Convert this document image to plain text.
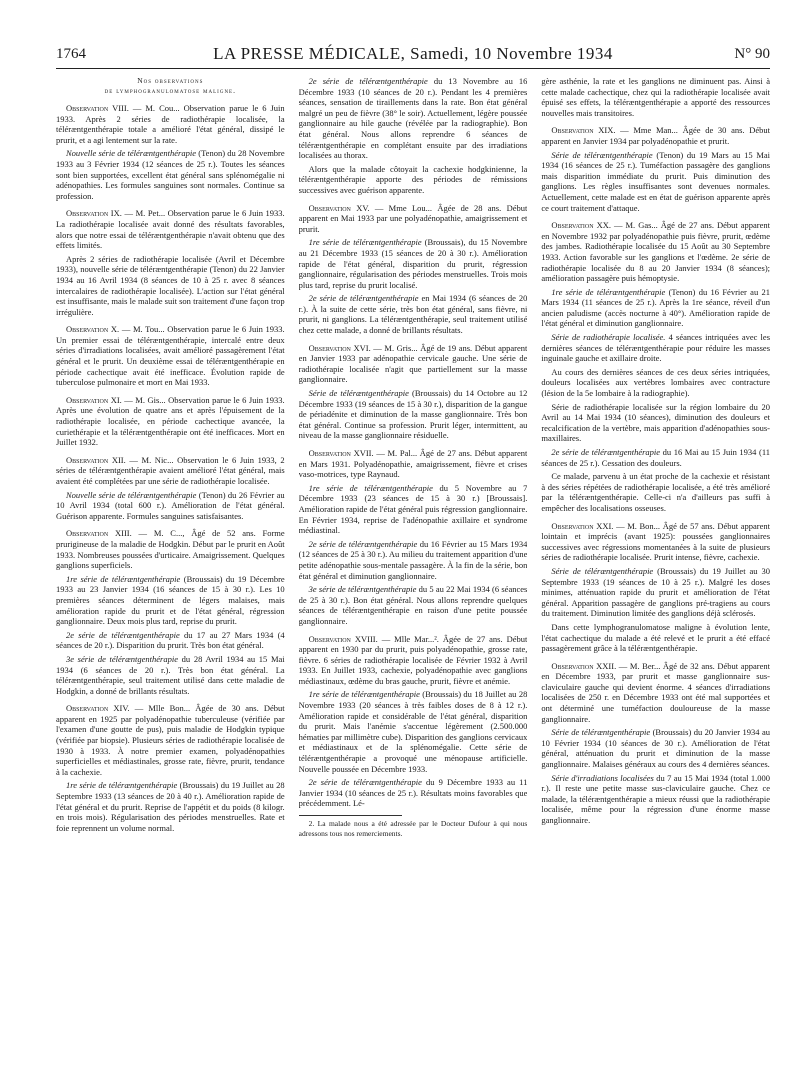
1764	LA PRESSE MÉDICALE, Samedi, 10 Novembre 1934	N° 90
Nos observations
de lymphogranulomatose maligne.

Observation VIII. — M. Cou... Observation parue le 6 Juin 1933. Après 2 séries de radiothérapie localisée, la téléræntgenthérapie totale a amélioré l'état général, dissipé le prurit, et a agi lentement sur la rate.

Nouvelle série de téléræntgenthérapie (Tenon) du 28 Novembre 1933 au 3 Février 1934 (12 séances de 25 r.). Toutes les séances sont bien supportées, excellent état général sans splénomégalie ni adénopathies. Les formules sanguines sont normales. Continue sa profession.

Observation IX. — M. Pet... Observation parue le 6 Juin 1933. La radiothérapie localisée avait donné des résultats favorables, alors que notre essai de téléræntgenthérapie n'avait obtenu que des effets limités.

Après 2 séries de radiothérapie localisée (Avril et Décembre 1933), nouvelle série de téléræntgenthérapie (Tenon) du 22 Janvier 1934 au 16 Avril 1934 (8 séances de 10 à 25 r. avec 8 séances intercalaires de radiothérapie localisée). L'action sur l'état général est insuffisante, mais le malade suit son traitement d'une façon trop irrégulière.

Observation X. — M. Tou... Observation parue le 6 Juin 1933. Un premier essai de téléræntgenthérapie, intercalé entre deux séries d'irradiations localisées, avait amélioré passagèrement l'état général et le prurit. Un deuxième essai de téléræntgenthérapie en période cachectique avait été inefficace. Évolution rapide de tuberculose pulmonaire et mort en Mai 1933.

Observation XI. — M. Gis... Observation parue le 6 Juin 1933. Après une évolution de quatre ans et après l'épuisement de la radiothérapie localisée, en période cachectique avancée, la curiethérapie et la téléræntgenthérapie ont été inefficaces. Mort en Juillet 1932.

Observation XII. — M. Nic... Observation le 6 Juin 1933, 2 séries de téléræntgenthérapie avaient amélioré l'état général, mais avaient été complétées par une série de radiothérapie localisée.

Nouvelle série de téléræntgenthérapie (Tenon) du 26 Février au 10 Avril 1934 (total 600 r.). Amélioration de l'état général. Guérison apparente. Formules sanguines satisfaisantes.

Observation XIII. — M. C..., Âgé de 52 ans. Forme prurigineuse de la maladie de Hodgkin. Début par le prurit en Août 1933. Nombreuses poussées d'urticaire. Amaigrissement. Quelques ganglions superficiels.

1re série de téléræntgenthérapie (Broussais) du 19 Décembre 1933 au 23 Janvier 1934 (16 séances de 15 à 30 r.). Les 10 premières séances déterminent de légers malaises, mais amélioration rapide du prurit et de l'état général, régression ganglionnaire. Deux mois plus tard, reprise du prurit.

2e série de téléræntgenthérapie du 17 au 27 Mars 1934 (4 séances de 20 r.). Disparition du prurit. Très bon état général.

3e série de téléræntgenthérapie du 28 Avril 1934 au 15 Mai 1934 (6 séances de 20 r.). Très bon état général. La téléræntgenthérapie, seul traitement utilisé dans cette maladie de Hodgkin, a donné de brillants résultats.

Observation XIV. — Mlle Bon... Âgée de 30 ans. Début apparent en 1925 par polyadénopathie tuberculeuse (vérifiée par l'examen d'une goutte de pus), puis maladie de Hodgkin typique (vérifiée par biopsie). Plusieurs séries de radiothérapie localisée de 1930 à 1933. À notre premier examen, polyadénopathies superficielles et médiastinales, grosse rate, fièvre, prurit, tendance à la cachexie.

1re série de téléræntgenthérapie (Broussais) du 19 Juillet au 28 Septembre 1933 (13 séances de 20 à 40 r.). Amélioration rapide de l'état général et du prurit. Reprise de l'appétit et du poids (8 kilogr. en trois mois). Régularisation des périodes menstruelles. Rate et foie reprennent un volume normal.

2e série de téléræntgenthérapie du 13 Novembre au 16 Décembre 1933 (10 séances de 20 r.). Pendant les 4 premières séances, sensation de tiraillements dans la rate. Bon état général malgré un peu de fièvre (38° le soir). Actuellement, légère poussée ganglionnaire au hile gauche (révélée par la radiographie). Bon état général. Nous allons reprendre 6 séances de téléræntgenthérapie en complétant ensuite par des irradiations localisées au thorax.

Alors que la malade côtoyait la cachexie hodgkinienne, la téléræntgenthérapie apporte des périodes de rémissions successives avec guérison apparente.

Observation XV. — Mme Lou... Âgée de 28 ans. Début apparent en Mai 1933 par une polyadénopathie, amaigrissement et prurit.

1re série de téléræntgenthérapie (Broussais), du 15 Novembre au 21 Décembre 1933 (15 séances de 20 à 30 r.). Amélioration rapide de l'état général, disparition du prurit, régression ganglionnaire, régularisation des périodes menstruelles. Trois mois plus tard, reprise du prurit localisé.

2e série de téléræntgenthérapie en Mai 1934 (6 séances de 20 r.). À la suite de cette série, très bon état général, sans fièvre, ni prurit, ni ganglions. La téléræntgenthérapie, seul traitement utilisé chez cette malade, a donné de brillants résultats.

Observation XVI. — M. Gris... Âgé de 19 ans. Début apparent en Janvier 1933 par adénopathie cervicale gauche. Une série de radiothérapie localisée n'agit que partiellement sur la masse ganglionnaire.

Série de téléræntgenthérapie (Broussais) du 14 Octobre au 12 Décembre 1933 (19 séances de 15 à 30 r.), disparition de la gangue de périadénite et diminution de la masse ganglionnaire. Très bon état général. Continue sa profession. Prurit léger, intermittent, au niveau de la masse ganglionnaire résiduelle.

Observation XVII. — M. Pal... Âgé de 27 ans. Début apparent en Mars 1931. Polyadénopathie, amaigrissement, fièvre et crises vaso-motrices, type Raynaud.

1re série de téléræntgenthérapie du 5 Novembre au 7 Décembre 1933 (23 séances de 15 à 30 r.) [Broussais]. Amélioration rapide de l'état général puis régression ganglionnaire. En Février 1934, reprise de l'adénopathie axillaire et syndrome médiastinal.

2e série de téléræntgenthérapie du 16 Février au 15 Mars 1934 (12 séances de 25 à 30 r.). Au milieu du traitement apparition d'une petite adénopathie sous-mentale passagère. À la fin de la série, bon état général et diminution ganglionnaire.

3e série de téléræntgenthérapie du 5 au 22 Mai 1934 (6 séances de 25 à 30 r.). Bon état général. Nous allons reprendre quelques séances de téléræntgenthérapie en raison d'une petite poussée ganglionnaire.

Observation XVIII. — Mlle Mar...². Âgée de 27 ans. Début apparent en 1930 par du prurit, puis polyadénopathie, grosse rate, fièvre. 6 séries de radiothérapie localisée de Février 1932 à Avril 1933. En Juillet 1933, cachexie, polyadénopathie avec ganglions médiastinaux, œdème du bras gauche, prurit, fièvre et anémie.

1re série de téléræntgenthérapie (Broussais) du 18 Juillet au 28 Novembre 1933 (20 séances à très faibles doses de 8 à 12 r.). Amélioration rapide et considérable de l'état général, disparition du prurit. Mais l'anémie s'accentue légèrement (2.500.000 hématies par millimètre cube). Disparition des ganglions cervicaux et médiastinaux et de la splénomégalie. Cette série de téléræntgenthérapie a provoqué une ménopause artificielle. Nouvelle poussée en Décembre 1933.

2e série de téléræntgenthérapie du 9 Décembre 1933 au 11 Janvier 1934 (10 séances de 25 r.). Résultats moins favorables que précédemment. Lé-

2. La malade nous a été adressée par le Docteur Dufour à qui nous adressons tous nos remerciements.

gère asthénie, la rate et les ganglions ne diminuent pas. Ainsi à cette malade cachectique, chez qui la radiothérapie localisée avait épuisé ses effets, la téléræntgenthérapie a apporté des ressources nouvelles mais transitoires.

Observation XIX. — Mme Man... Âgée de 30 ans. Début apparent en Janvier 1934 par polyadénopathie et prurit.

Série de téléræntgenthérapie (Tenon) du 19 Mars au 15 Mai 1934 (16 séances de 25 r.). Tuméfaction passagère des ganglions mais disparition immédiate du prurit. Puis diminution des ganglions. Les règles insuffisantes sont devenues normales. Actuellement, cette malade est en état de guérison apparente après ce court traitement d'attaque.

Observation XX. — M. Gas... Âgé de 27 ans. Début apparent en Novembre 1932 par polyadénopathie puis fièvre, prurit, œdème des jambes. Radiothérapie localisée du 15 Août au 30 Septembre 1933. Action favorable sur les ganglions et l'œdème. 2e série de radiothérapie localisée du 8 au 20 Janvier 1934 (8 séances); amélioration passagère puis hémoptysie.

1re série de téléræntgenthérapie (Tenon) du 16 Février au 21 Mars 1934 (11 séances de 25 r.). Après la 1re séance, réveil d'un ancien paludisme (accès nocturne à 40°). Amélioration rapide de l'état général et diminution ganglionnaire.

Série de radiothérapie localisée. 4 séances intriquées avec les dernières séances de téléræntgenthérapie pour réduire les masses inguinale gauche et axillaire droite.

Au cours des dernières séances de ces deux séries intriquées, douleurs localisées aux vertèbres lombaires avec contracture (lésion de la 5e lombaire à la radiographie).

Série de radiothérapie localisée sur la région lombaire du 20 Avril au 14 Mai 1934 (10 séances), diminution des douleurs et recalcification de la vertèbre, mais apparition d'adénopathies sous-maxillaires.

2e série de téléræntgenthérapie du 16 Mai au 15 Juin 1934 (11 séances de 25 r.). Cessation des douleurs.

Ce malade, parvenu à un état proche de la cachexie et résistant à des séries répétées de radiothérapie localisée, a été très amélioré par la téléræntgenthérapie. Celle-ci n'a d'ailleurs pas suffi à empêcher des localisations osseuses.

Observation XXI. — M. Bon... Âgé de 57 ans. Début apparent lointain et imprécis (avant 1925): poussées ganglionnaires successives avec régressions momentanées à la suite de plusieurs séries de radiothérapie localisée. Prurit intense, fièvre, cachexie.

Série de téléræntgenthérapie (Broussais) du 19 Juillet au 30 Septembre 1933 (19 séances de 10 à 25 r.). Malgré les doses minimes, atténuation rapide du prurit et amélioration de l'état général. Apparition passagère de ganglions pré-tragiens au cours du traitement. Diminution limitée des ganglions déjà sclérosés.

Dans cette lymphogranulomatose maligne à évolution lente, l'état cachectique du malade a été relevé et le prurit a été effacé passagèrement grâce à la téléræntgenthérapie.

Observation XXII. — M. Ber... Âgé de 32 ans. Début apparent en Décembre 1933, par prurit et masse ganglionnaire sus-claviculaire gauche qui devient énorme. 4 séances d'irradiations localisées de 250 r. en Décembre 1933 ont été mal supportées et ont déterminé une tuméfaction douloureuse de la masse ganglionnaire.

Série de téléræntgenthérapie (Broussais) du 20 Janvier 1934 au 10 Février 1934 (10 séances de 30 r.). Amélioration de l'état général, atténuation du prurit et diminution de la masse ganglionnaire. Malaises généraux au cours des 4 dernières séances.

Série d'irradiations localisées du 7 au 15 Mai 1934 (total 1.000 r.). Il reste une petite masse sus-claviculaire gauche. Chez ce malade, la téléræntgenthérapie a mieux réussi que la radiothérapie localisée, même pour la régression d'une énorme masse ganglionnaire.
